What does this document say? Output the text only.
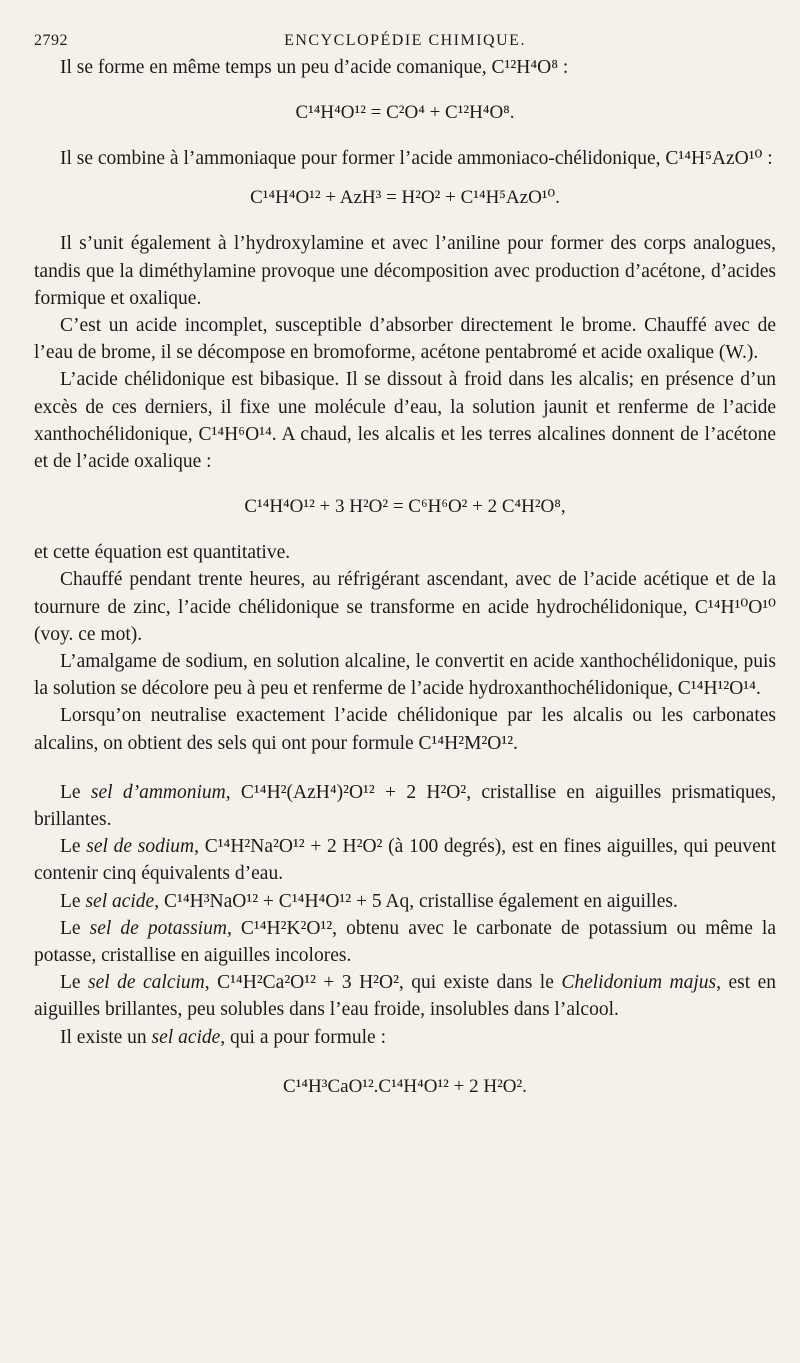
2792	ENCYCLOPÉDIE CHIMIQUE.

Il se forme en même temps un peu d’acide comanique, C¹²H⁴O⁸ :

C¹⁴H⁴O¹² = C²O⁴ + C¹²H⁴O⁸.

Il se combine à l’ammoniaque pour former l’acide ammoniaco-chélidonique, C¹⁴H⁵AzO¹⁰ :

C¹⁴H⁴O¹² + AzH³ = H²O² + C¹⁴H⁵AzO¹⁰.

Il s’unit également à l’hydroxylamine et avec l’aniline pour former des corps analogues, tandis que la diméthylamine provoque une décomposition avec production d’acétone, d’acides formique et oxalique.

C’est un acide incomplet, susceptible d’absorber directement le brome. Chauffé avec de l’eau de brome, il se décompose en bromoforme, acétone pentabromé et acide oxalique (W.).

L’acide chélidonique est bibasique. Il se dissout à froid dans les alcalis; en présence d’un excès de ces derniers, il fixe une molécule d’eau, la solution jaunit et renferme de l’acide xanthochélidonique, C¹⁴H⁶O¹⁴. A chaud, les alcalis et les terres alcalines donnent de l’acétone et de l’acide oxalique :

C¹⁴H⁴O¹² + 3 H²O² = C⁶H⁶O² + 2 C⁴H²O⁸,

et cette équation est quantitative.

Chauffé pendant trente heures, au réfrigérant ascendant, avec de l’acide acétique et de la tournure de zinc, l’acide chélidonique se transforme en acide hydrochélidonique, C¹⁴H¹⁰O¹⁰ (voy. ce mot).

L’amalgame de sodium, en solution alcaline, le convertit en acide xanthochélidonique, puis la solution se décolore peu à peu et renferme de l’acide hydroxanthochélidonique, C¹⁴H¹²O¹⁴.

Lorsqu’on neutralise exactement l’acide chélidonique par les alcalis ou les carbonates alcalins, on obtient des sels qui ont pour formule C¹⁴H²M²O¹².

Le sel d’ammonium, C¹⁴H²(AzH⁴)²O¹² + 2 H²O², cristallise en aiguilles prismatiques, brillantes.

Le sel de sodium, C¹⁴H²Na²O¹² + 2 H²O² (à 100 degrés), est en fines aiguilles, qui peuvent contenir cinq équivalents d’eau.

Le sel acide, C¹⁴H³NaO¹² + C¹⁴H⁴O¹² + 5 Aq, cristallise également en aiguilles.

Le sel de potassium, C¹⁴H²K²O¹², obtenu avec le carbonate de potassium ou même la potasse, cristallise en aiguilles incolores.

Le sel de calcium, C¹⁴H²Ca²O¹² + 3 H²O², qui existe dans le Chelidonium majus, est en aiguilles brillantes, peu solubles dans l’eau froide, insolubles dans l’alcool.

Il existe un sel acide, qui a pour formule :

C¹⁴H³CaO¹².C¹⁴H⁴O¹² + 2 H²O².
